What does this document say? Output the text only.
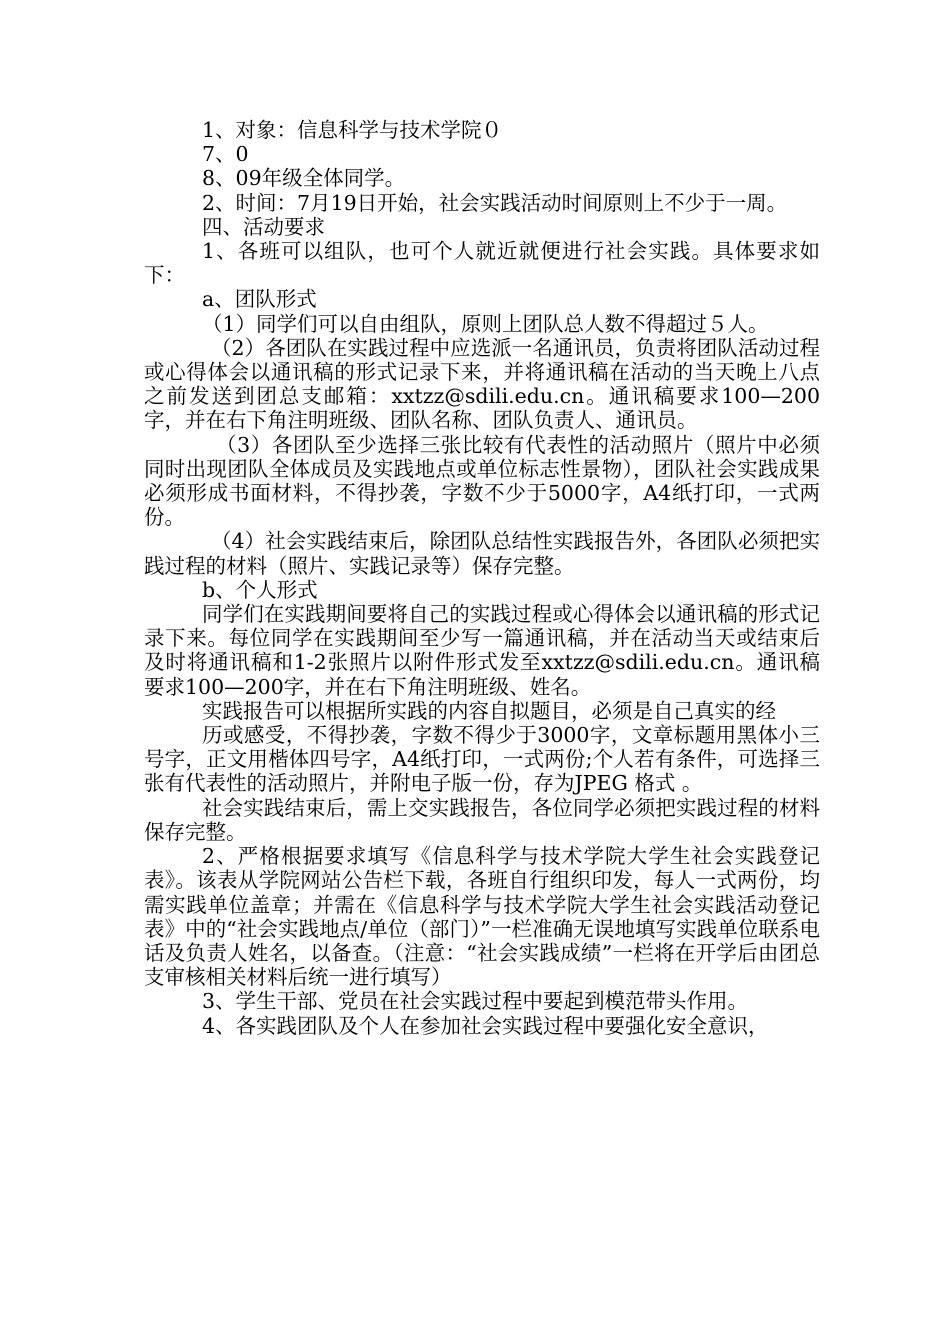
1、对象：信息科学与技术学院０

7、0

8、09年级全体同学。

2、时间：7月19日开始，社会实践活动时间原则上不少于一周。

四、活动要求

1、各班可以组队，也可个人就近就便进行社会实践。具体要求如下：

a、团队形式

（1）同学们可以自由组队，原则上团队总人数不得超过５人。

（2）各团队在实践过程中应选派一名通讯员，负责将团队活动过程或心得体会以通讯稿的形式记录下来，并将通讯稿在活动的当天晚上八点之前发送到团总支邮箱：xxtzz@sdili.edu.cn。通讯稿要求100—200字，并在右下角注明班级、团队名称、团队负责人、通讯员。

（3）各团队至少选择三张比较有代表性的活动照片（照片中必须同时出现团队全体成员及实践地点或单位标志性景物），团队社会实践成果必须形成书面材料，不得抄袭，字数不少于5000字，A4纸打印，一式两份。

（4）社会实践结束后，除团队总结性实践报告外，各团队必须把实践过程的材料（照片、实践记录等）保存完整。

b、个人形式

同学们在实践期间要将自己的实践过程或心得体会以通讯稿的形式记录下来。每位同学在实践期间至少写一篇通讯稿，并在活动当天或结束后及时将通讯稿和1-2张照片以附件形式发至xxtzz@sdili.edu.cn。通讯稿要求100—200字，并在右下角注明班级、姓名。

实践报告可以根据所实践的内容自拟题目，必须是自己真实的经

历或感受，不得抄袭，字数不得少于3000字，文章标题用黑体小三号字，正文用楷体四号字，A4纸打印，一式两份;个人若有条件，可选择三张有代表性的活动照片，并附电子版一份，存为JPEG 格式 。

社会实践结束后，需上交实践报告，各位同学必须把实践过程的材料保存完整。

2、严格根据要求填写《信息科学与技术学院大学生社会实践登记表》。该表从学院网站公告栏下载，各班自行组织印发，每人一式两份，均需实践单位盖章；并需在《信息科学与技术学院大学生社会实践活动登记表》中的“社会实践地点/单位（部门）”一栏准确无误地填写实践单位联系电话及负责人姓名，以备查。（注意：“社会实践成绩”一栏将在开学后由团总支审核相关材料后统一进行填写）

3、学生干部、党员在社会实践过程中要起到模范带头作用。

4、各实践团队及个人在参加社会实践过程中要强化安全意识，
